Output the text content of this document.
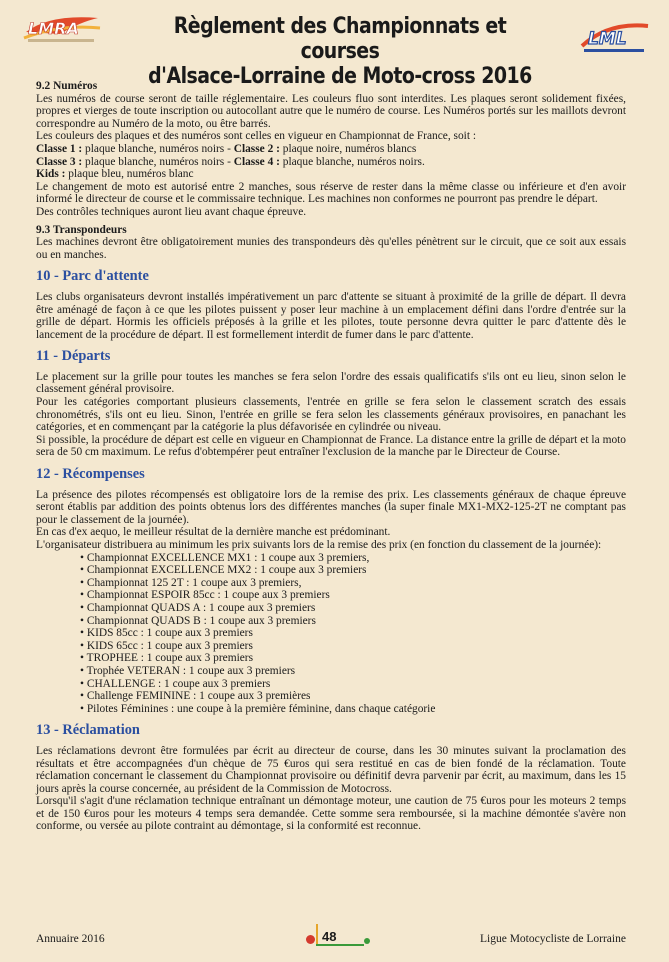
LMRA	Règlement des Championnats et courses
d'Alsace-Lorraine de Moto-cross 2016
LML

9.2 Numéros

Les numéros de course seront de taille réglementaire. Les couleurs fluo sont interdites. Les plaques seront solidement fixées, propres et vierges de toute inscription ou autocollant autre que le numéro de course. Les Numéros portés sur les maillots devront correspondre au Numéro de la moto, ou être barrés.

Les couleurs des plaques et des numéros sont celles en vigueur en Championnat de France, soit :

Classe 1 : plaque blanche, numéros noirs - Classe 2 : plaque noire, numéros blancs

Classe 3 : plaque blanche, numéros noirs - Classe 4 : plaque blanche, numéros noirs.

Kids : plaque bleu, numéros blanc

Le changement de moto est autorisé entre 2 manches, sous réserve de rester dans la même classe ou inférieure et d'en avoir informé le directeur de course et le commissaire technique. Les machines non conformes ne pourront pas prendre le départ.

Des contrôles techniques auront lieu avant chaque épreuve.

9.3 Transpondeurs

Les machines devront être obligatoirement munies des transpondeurs dès qu'elles pénètrent sur le circuit, que ce soit aux essais ou en manches.

10 - Parc d'attente

Les clubs organisateurs devront installés impérativement un parc d'attente se situant à proximité de la grille de départ. Il devra être aménagé de façon à ce que les pilotes puissent y poser leur machine à un emplacement défini dans l'ordre d'entrée sur la grille de départ. Hormis les officiels préposés à la grille et les pilotes, toute personne devra quitter le parc d'attente dès le lancement de la procédure de départ. Il est formellement interdit de fumer dans le parc d'attente.

11 - Départs

Le placement sur la grille pour toutes les manches se fera selon l'ordre des essais qualificatifs s'ils ont eu lieu, sinon selon le classement général provisoire.

Pour les catégories comportant plusieurs classements, l'entrée en grille se fera selon le classement scratch des essais chronométrés, s'ils ont eu lieu. Sinon, l'entrée en grille se fera selon les classements généraux provisoires, en panachant les catégories, et en commençant par la catégorie la plus défavorisée en cylindrée ou niveau.

Si possible, la procédure de départ est celle en vigueur en Championnat de France. La distance entre la grille de départ et la moto sera de 50 cm maximum. Le refus d'obtempérer peut entraîner l'exclusion de la manche par le Directeur de Course.

12 - Récompenses

La présence des pilotes récompensés est obligatoire lors de la remise des prix. Les classements généraux de chaque épreuve seront établis par addition des points obtenus lors des différentes manches (la super finale MX1-MX2-125-2T ne comptant pas pour le classement de la journée).

En cas d'ex aequo, le meilleur résultat de la dernière manche est prédominant.

L'organisateur distribuera au minimum les prix suivants lors de la remise des prix (en fonction du classement de la journée):

• Championnat EXCELLENCE MX1 : 1 coupe aux 3 premiers,
• Championnat EXCELLENCE MX2 : 1 coupe aux 3 premiers
• Championnat 125 2T : 1 coupe aux 3 premiers,
• Championnat ESPOIR 85cc : 1 coupe aux 3 premiers
• Championnat QUADS A : 1 coupe aux 3 premiers
• Championnat QUADS B : 1 coupe aux 3 premiers
• KIDS 85cc : 1 coupe aux 3 premiers
• KIDS 65cc : 1 coupe aux 3 premiers
• TROPHEE : 1 coupe aux 3 premiers
• Trophée VETERAN : 1 coupe aux 3 premiers
• CHALLENGE : 1 coupe aux 3 premiers
• Challenge FEMININE : 1 coupe aux 3 premières
• Pilotes Féminines : une coupe à la première féminine, dans chaque catégorie
13 - Réclamation

Les réclamations devront être formulées par écrit au directeur de course, dans les 30 minutes suivant la proclamation des résultats et être accompagnées d'un chèque de 75 €uros qui sera restitué en cas de bien fondé de la réclamation. Toute réclamation concernant le classement du Championnat provisoire ou définitif devra parvenir par écrit, au maximum, dans les 15 jours après la course concernée, au président de la Commission de Motocross.

Lorsqu'il s'agit d'une réclamation technique entraînant un démontage moteur, une caution de 75 €uros pour les moteurs 2 temps et de 150 €uros pour les moteurs 4 temps sera demandée. Cette somme sera remboursée, si la machine démontée s'avère non conforme, ou versée au pilote contraint au démontage, si la conformité est reconnue.

Annuaire 2016	48	Ligue Motocycliste de Lorraine
